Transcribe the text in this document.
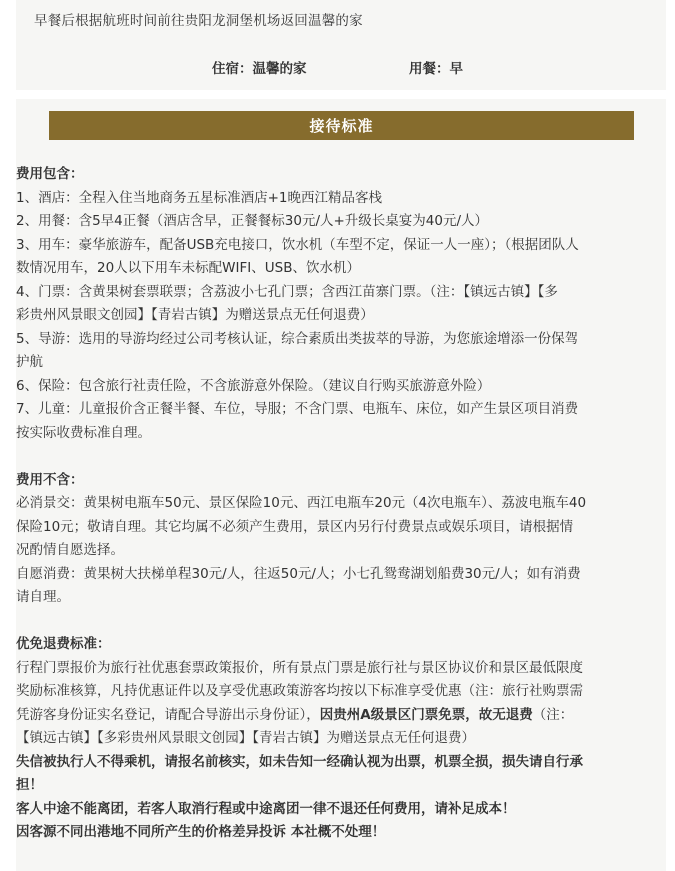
早餐后根据航班时间前往贵阳龙洞堡机场返回温馨的家
住宿：温馨的家	用餐：早
接待标准

费用包含：

1、酒店：全程入住当地商务五星标准酒店+1晚西江精品客栈

2、用餐：含5早4正餐（酒店含早，正餐餐标30元/人+升级长桌宴为40元/人）

3、用车：豪华旅游车，配备USB充电接口，饮水机（车型不定，保证一人一座）；（根据团队人

数情况用车，20人以下用车未标配WIFI、USB、饮水机）

4、门票：含黄果树套票联票；含荔波小七孔门票；含西江苗寨门票。（注：【镇远古镇】【多

彩贵州风景眼文创园】【青岩古镇】为赠送景点无任何退费）

5、导游：选用的导游均经过公司考核认证，综合素质出类拔萃的导游，为您旅途增添一份保驾

护航

6、保险：包含旅行社责任险，不含旅游意外保险。（建议自行购买旅游意外险）

7、儿童：儿童报价含正餐半餐、车位，导服；不含门票、电瓶车、床位，如产生景区项目消费

按实际收费标准自理。

费用不含：

必消景交：黄果树电瓶车50元、景区保险10元、西江电瓶车20元（4次电瓶车）、荔波电瓶车40

保险10元；敬请自理。其它均属不必须产生费用，景区内另行付费景点或娱乐项目，请根据情

况酌情自愿选择。

自愿消费：黄果树大扶梯单程30元/人，往返50元/人；小七孔鸳鸯湖划船费30元/人；如有消费

请自理。

优免退费标准：

行程门票报价为旅行社优惠套票政策报价，所有景点门票是旅行社与景区协议价和景区最低限度

奖励标准核算，凡持优惠证件以及享受优惠政策游客均按以下标准享受优惠（注：旅行社购票需

凭游客身份证实名登记，请配合导游出示身份证），因贵州A级景区门票免票，故无退费（注：

【镇远古镇】【多彩贵州风景眼文创园】【青岩古镇】为赠送景点无任何退费）

失信被执行人不得乘机，请报名前核实，如未告知一经确认视为出票，机票全损，损失请自行承

担！

客人中途不能离团，若客人取消行程或中途离团一律不退还任何费用，请补足成本！

因客源不同出港地不同所产生的价格差异投诉 本社概不处理！
